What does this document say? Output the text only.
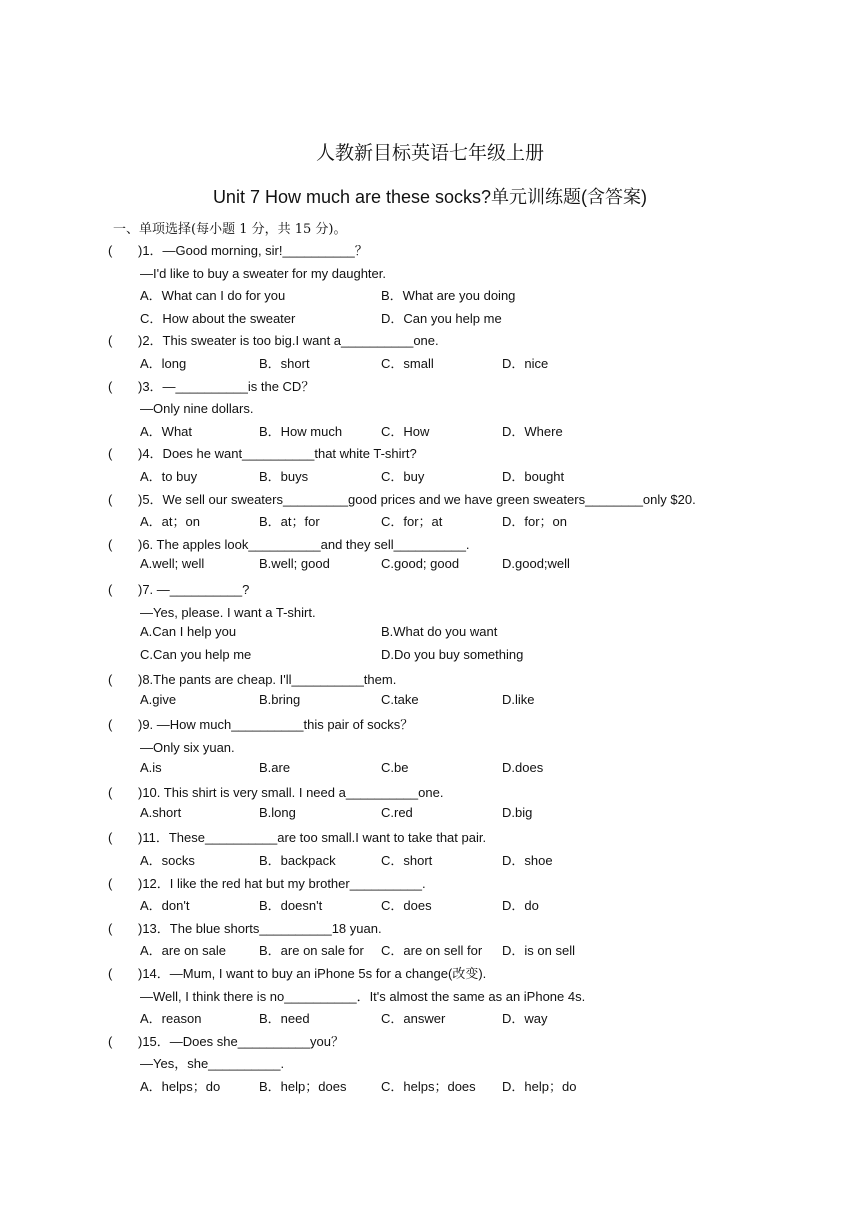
人教新目标英语七年级上册
Unit 7 How much are these socks?单元训练题(含答案)
一、单项选择(每小题 1 分，共 15 分)。
( )1．—Good morning, sir!__________？
—I'd like to buy a sweater for my daughter.
A．What can I do for you	B．What are you doing
C．How about the sweater	D．Can you help me
( )2．This sweater is too big.I want a__________one.
A．long	B．short	C．small	D．nice
( )3．—__________is the CD？
—Only nine dollars.
A．What	B．How much	C．How	D．Where
( )4．Does he want__________that white T-shirt?
A．to buy	B．buys	C．buy	D．bought
( )5．We sell our sweaters_________good prices and we have green sweaters________only $20.
A．at；on	B．at；for	C．for；at	D．for；on
( )6. The apples look__________and they sell__________.
A.well; well	B.well; good	C.good; good	D.good;well
( )7. —__________?
—Yes, please. I want a T-shirt.
A.Can I help you	B.What do you want
C.Can you help me	D.Do you buy something
( )8.The pants are cheap. I'll__________them.
A.give	B.bring	C.take	D.like
( )9. —How much__________this pair of socks？
—Only six yuan.
A.is	B.are	C.be	D.does
( )10. This shirt is very small. I need a__________one.
A.short	B.long	C.red	D.big
( )11．These__________are too small.I want to take that pair.
A．socks	B．backpack	C．short	D．shoe
( )12．I like the red hat but my brother__________.
A．don't	B．doesn't	C．does	D．do
( )13．The blue shorts__________18 yuan.
A．are on sale	B．are on sale for C．are on sell for D．is on sell
( )14．—Mum, I want to buy an iPhone 5s for a change(改变).
—Well, I think there is no__________．It's almost the same as an iPhone 4s.
A．reason	B．need	C．answer	D．way
( )15．—Does she__________you？
—Yes，she__________.
A．helps；do	B．help；does	C．helps；does D．help；do
